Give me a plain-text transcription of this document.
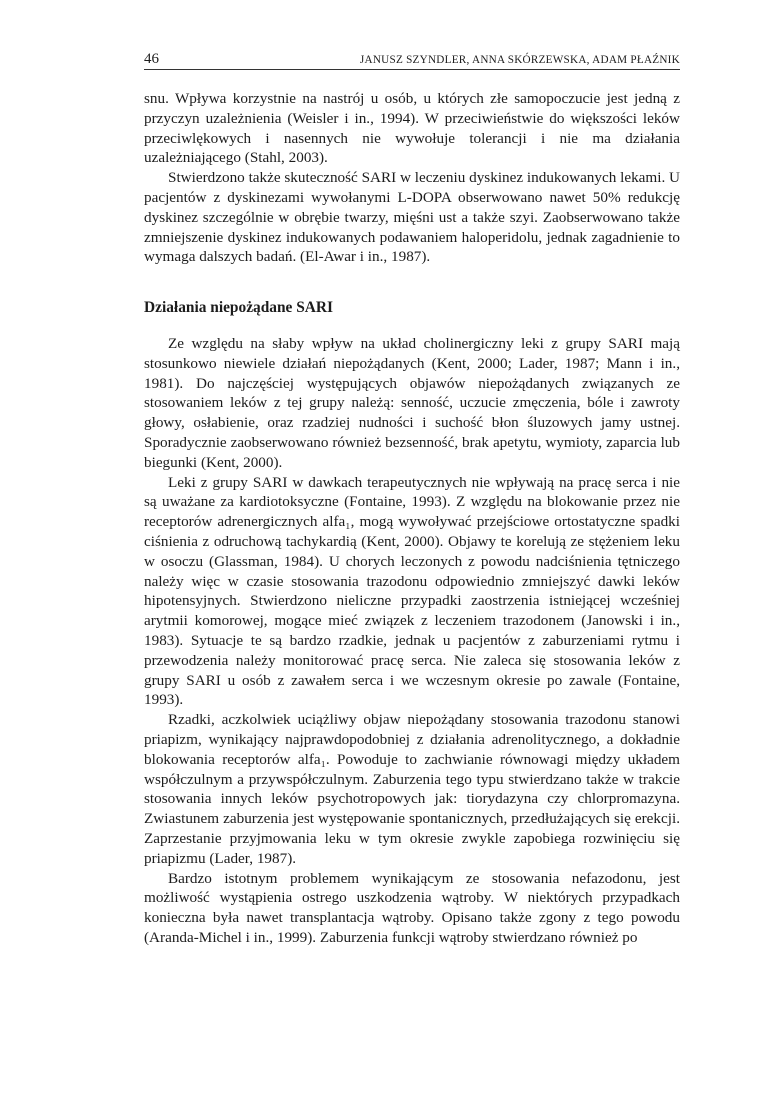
46	JANUSZ SZYNDLER, ANNA SKÓRZEWSKA, ADAM PŁAŹNIK

snu. Wpływa korzystnie na nastrój u osób, u których złe samopoczucie jest jedną z przyczyn uzależnienia (Weisler i in., 1994). W przeciwieństwie do większości leków przeciwlękowych i nasennych nie wywołuje tolerancji i nie ma działania uzależniającego (Stahl, 2003).

Stwierdzono także skuteczność SARI w leczeniu dyskinez indukowanych lekami. U pacjentów z dyskinezami wywołanymi L-DOPA obserwowano nawet 50% redukcję dyskinez szczególnie w obrębie twarzy, mięśni ust a także szyi. Zaobserwowano także zmniejszenie dyskinez indukowanych podawaniem haloperidolu, jednak zagadnienie to wymaga dalszych badań. (El-Awar i in., 1987).

Działania niepożądane SARI

Ze względu na słaby wpływ na układ cholinergiczny leki z grupy SARI mają stosunkowo niewiele działań niepożądanych (Kent, 2000; Lader, 1987; Mann i in., 1981). Do najczęściej występujących objawów niepożądanych związanych ze stosowaniem leków z tej grupy należą: senność, uczucie zmęczenia, bóle i zawroty głowy, osłabienie, oraz rzadziej nudności i suchość błon śluzowych jamy ustnej. Sporadycznie zaobserwowano również bezsenność, brak apetytu, wymioty, zaparcia lub biegunki (Kent, 2000).

Leki z grupy SARI w dawkach terapeutycznych nie wpływają na pracę serca i nie są uważane za kardiotoksyczne (Fontaine, 1993). Z względu na blokowanie przez nie receptorów adrenergicznych alfa₁, mogą wywoływać przejściowe ortostatyczne spadki ciśnienia z odruchową tachykardią (Kent, 2000). Objawy te korelują ze stężeniem leku w osoczu (Glassman, 1984). U chorych leczonych z powodu nadciśnienia tętniczego należy więc w czasie stosowania trazodonu odpowiednio zmniejszyć dawki leków hipotensyjnych. Stwierdzono nieliczne przypadki zaostrzenia istniejącej wcześniej arytmii komorowej, mogące mieć związek z leczeniem trazodonem (Janowski i in., 1983). Sytuacje te są bardzo rzadkie, jednak u pacjentów z zaburzeniami rytmu i przewodzenia należy monitorować pracę serca. Nie zaleca się stosowania leków z grupy SARI u osób z zawałem serca i we wczesnym okresie po zawale (Fontaine, 1993).

Rzadki, aczkolwiek uciążliwy objaw niepożądany stosowania trazodonu stanowi priapizm, wynikający najprawdopodobniej z działania adrenolitycznego, a dokładnie blokowania receptorów alfa₁. Powoduje to zachwianie równowagi między układem współczulnym a przywspółczulnym. Zaburzenia tego typu stwierdzano także w trakcie stosowania innych leków psychotropowych jak: tiorydazyna czy chlorpromazyna. Zwiastunem zaburzenia jest występowanie spontanicznych, przedłużających się erekcji. Zaprzestanie przyjmowania leku w tym okresie zwykle zapobiega rozwinięciu się priapizmu (Lader, 1987).

Bardzo istotnym problemem wynikającym ze stosowania nefazodonu, jest możliwość wystąpienia ostrego uszkodzenia wątroby. W niektórych przypadkach konieczna była nawet transplantacja wątroby. Opisano także zgony z tego powodu (Aranda-Michel i in., 1999). Zaburzenia funkcji wątroby stwierdzano również po
